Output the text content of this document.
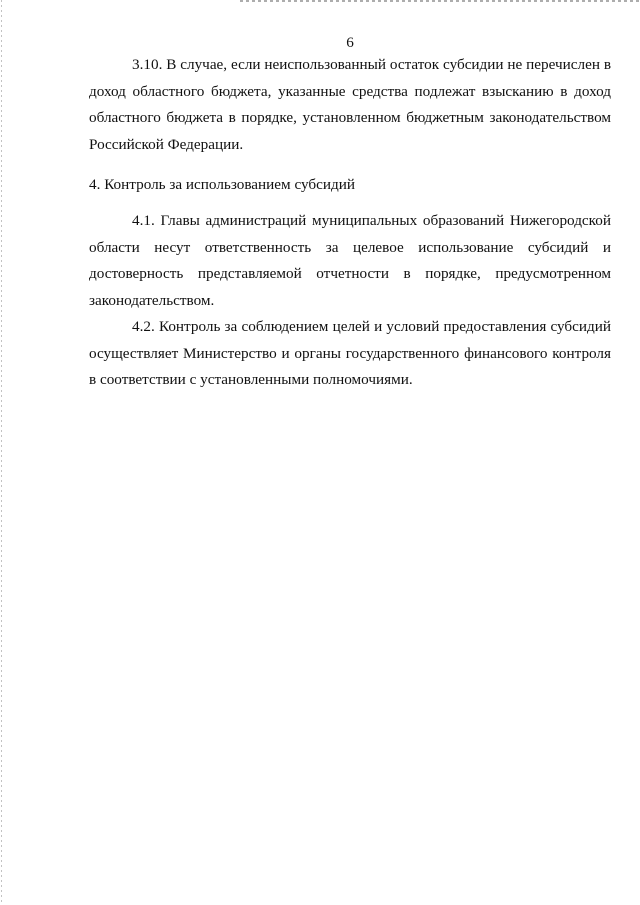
6

3.10. В случае, если неиспользованный остаток субсидии не перечислен в доход областного бюджета, указанные средства подлежат взысканию в доход областного бюджета в порядке, установленном бюджетным законодательством Российской Федерации.

4. Контроль за использованием субсидий

4.1. Главы администраций муниципальных образований Нижегородской области несут ответственность за целевое использование субсидий и достоверность представляемой отчетности в порядке, предусмотренном законодательством.

4.2. Контроль за соблюдением целей и условий предоставления субсидий осуществляет Министерство и органы государственного финансового контроля в соответствии с установленными полномочиями.
